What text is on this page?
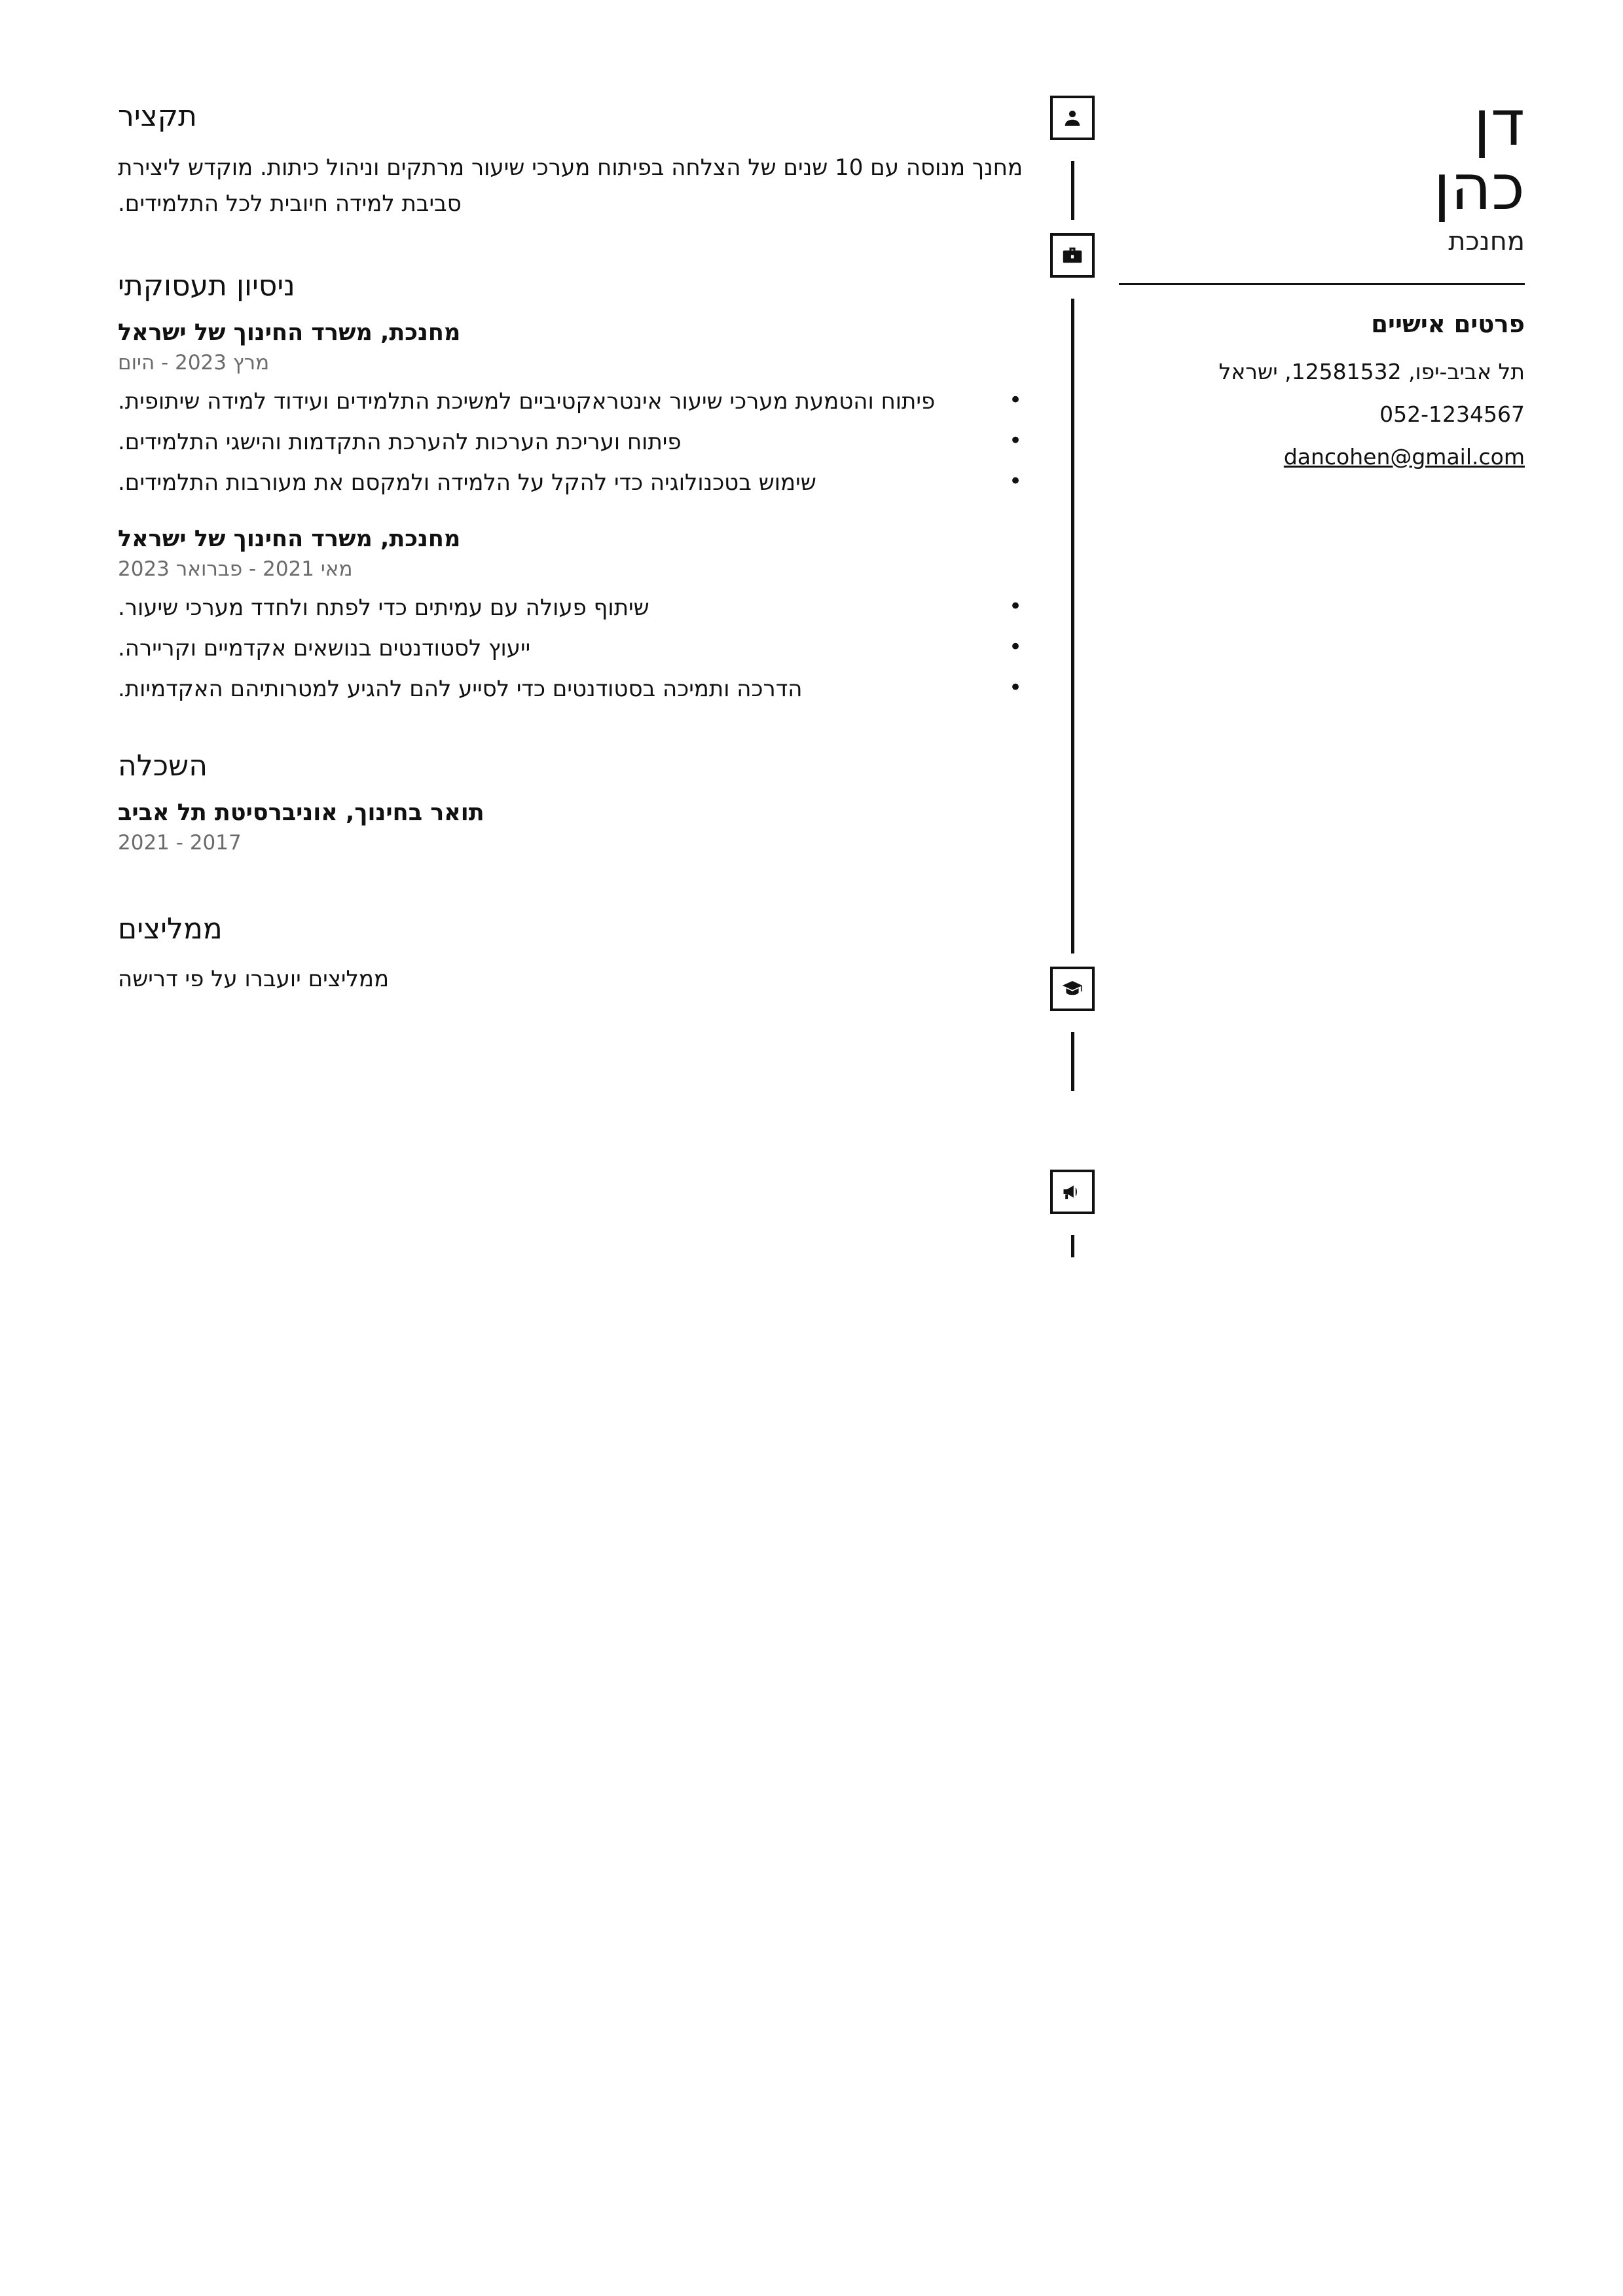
דן
כהן
מחנכת
פרטים אישיים
תל אביב-יפו, 12581532, ישראל
052-1234567
dancohen@gmail.com
תקציר
מחנך מנוסה עם 10 שנים של הצלחה בפיתוח מערכי שיעור מרתקים וניהול כיתות. מוקדש ליצירת סביבת למידה חיובית לכל התלמידים.
ניסיון תעסוקתי
מחנכת, משרד החינוך של ישראל
מרץ 2023 - היום
• פיתוח והטמעת מערכי שיעור אינטראקטיביים למשיכת התלמידים ועידוד למידה שיתופית.
• פיתוח ועריכת הערכות להערכת התקדמות והישגי התלמידים.
• שימוש בטכנולוגיה כדי להקל על הלמידה ולמקסם את מעורבות התלמידים.
מחנכת, משרד החינוך של ישראל
מאי 2021 - פברואר 2023
• שיתוף פעולה עם עמיתים כדי לפתח ולחדד מערכי שיעור.
• ייעוץ לסטודנטים בנושאים אקדמיים וקריירה.
• הדרכה ותמיכה בסטודנטים כדי לסייע להם להגיע למטרותיהם האקדמיות.
השכלה
תואר בחינוך, אוניברסיטת תל אביב
2017 - 2021
ממליצים
ממליצים יועברו על פי דרישה
